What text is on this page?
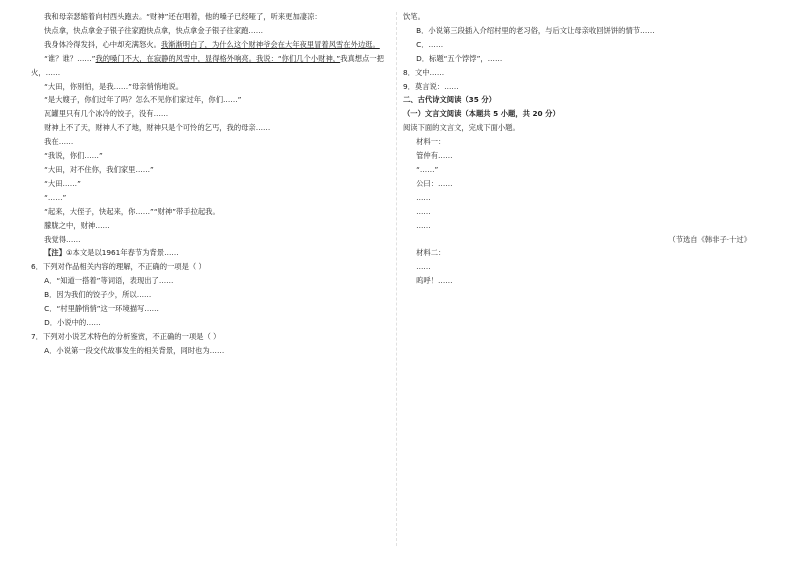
我和母亲瑟缩着向村西头跑去。“财神”还在唱着，他的嗓子已经哑了，听来更加凄凉：

快点拿，快点拿金子银子往家跑快点拿，快点拿金子银子往家跑……

我身体冷得发抖，心中却充满怒火。我渐渐明白了，为什么这个财神爷会在大年夜里冒着风雪在外边逛。

“谁？谁？……”我的嗓门不大，在寂静的风雪中，显得格外响亮。我说：“你们几个小财神，”我真想点一把火，……

“大田，你别怕，是我……”母亲悄悄地说。

“是大嫂子，你们过年了吗？怎么不见你们家过年，你们……”

瓦罐里只有几个冰冷的饺子，没有……

财神上不了天，财神人不了地，财神只是个可怜的乞丐，我的母亲……

我在……

“我说，你们……”

“大田，对不住你，我们家里……”

“大田……”

“……”

“起来，大侄子，快起来，你……”“财神”带手拉起我。

朦胧之中，财神……

我觉得……

【注】①本文是以1961年春节为背景……

6．下列对作品相关内容的理解，不正确的一项是（ ）

A．“知道一搭着”等词语，表现出了……

B．因为我们的饺子少，所以……

C．“村里静悄悄”这一环境描写……

D．小说中的……

7．下列对小说艺术特色的分析鉴赏，不正确的一项是（ ）

A．小说第一段交代故事发生的相关背景，同时也为……

饮笔。

B．小说第三段插入介绍村里的老习俗，与后文让母亲收回饼饼的情节……

C．……

D．标题“五个饽饽”，……

8．文中……

9．莫言说：……

二、古代诗文阅读（35 分）

（一）文言文阅读（本题共 5 小题，共 20 分）

阅读下面的文言文，完成下面小题。

材料一：

管仲有……

“……”

公曰：……

……

……

……

（节选自《韩非子·十过》

材料二：

……

呜呼！……
